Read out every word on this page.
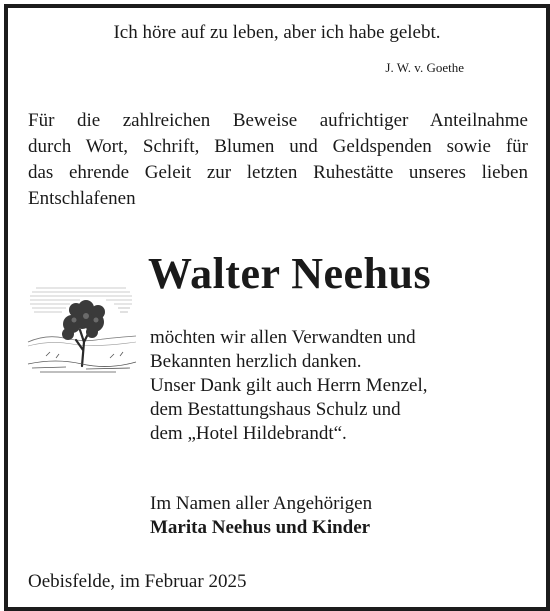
Ich höre auf zu leben, aber ich habe gelebt.
J. W. v. Goethe
Für die zahlreichen Beweise aufrichtiger Anteilnahme
durch Wort, Schrift, Blumen und Geldspenden sowie für
das ehrende Geleit zur letzten Ruhestätte unseres lieben
Entschlafenen
Walter Neehus
möchten wir allen Verwandten und
Bekannten herzlich danken.
Unser Dank gilt auch Herrn Menzel,
dem Bestattungshaus Schulz und
dem „Hotel Hildebrandt“.
Im Namen aller Angehörigen
Marita Neehus und Kinder
Oebisfelde, im Februar 2025
